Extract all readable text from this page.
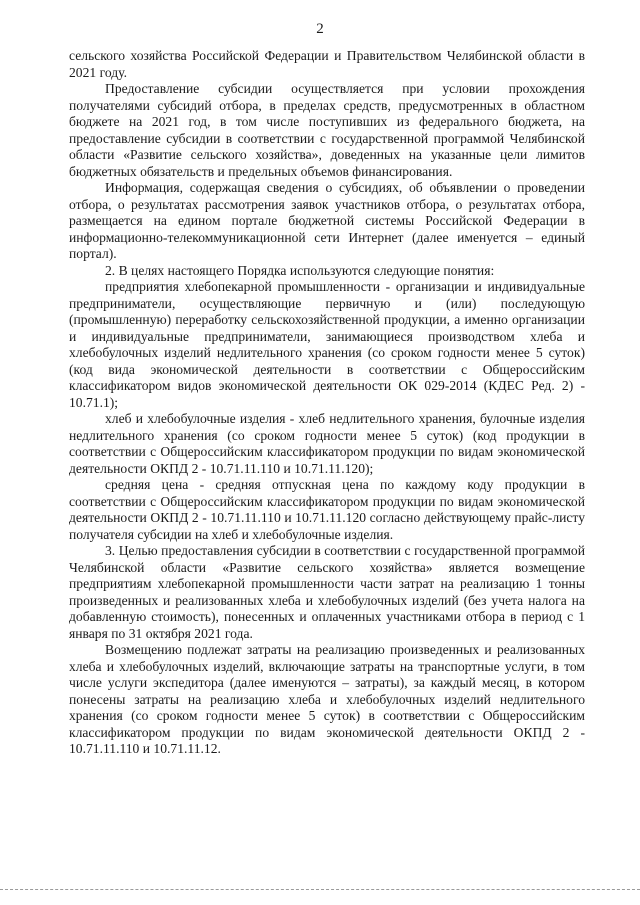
2

сельского хозяйства Российской Федерации и Правительством Челябинской области в 2021 году.

Предоставление субсидии осуществляется при условии прохождения получателями субсидий отбора, в пределах средств, предусмотренных в областном бюджете на 2021 год, в том числе поступивших из федерального бюджета, на предоставление субсидии в соответствии с государственной программой Челябинской области «Развитие сельского хозяйства», доведенных на указанные цели лимитов бюджетных обязательств и предельных объемов финансирования.

Информация, содержащая сведения о субсидиях, об объявлении о проведении отбора, о результатах рассмотрения заявок участников отбора, о результатах отбора, размещается на едином портале бюджетной системы Российской Федерации в информационно-телекоммуникационной сети Интернет (далее именуется – единый портал).

2. В целях настоящего Порядка используются следующие понятия:

предприятия хлебопекарной промышленности - организации и индивидуальные предприниматели, осуществляющие первичную и (или) последующую (промышленную) переработку сельскохозяйственной продукции, а именно организации и индивидуальные предприниматели, занимающиеся производством хлеба и хлебобулочных изделий недлительного хранения (со сроком годности менее 5 суток) (код вида экономической деятельности в соответствии с Общероссийским классификатором видов экономической деятельности ОК 029-2014 (КДЕС Ред. 2) - 10.71.1);

хлеб и хлебобулочные изделия - хлеб недлительного хранения, булочные изделия недлительного хранения (со сроком годности менее 5 суток) (код продукции в соответствии с Общероссийским классификатором продукции по видам экономической деятельности ОКПД 2 - 10.71.11.110 и 10.71.11.120);

средняя цена - средняя отпускная цена по каждому коду продукции в соответствии с Общероссийским классификатором продукции по видам экономической деятельности ОКПД 2 - 10.71.11.110 и 10.71.11.120 согласно действующему прайс-листу получателя субсидии на хлеб и хлебобулочные изделия.

3. Целью предоставления субсидии в соответствии с государственной программой Челябинской области «Развитие сельского хозяйства» является возмещение предприятиям хлебопекарной промышленности части затрат на реализацию 1 тонны произведенных и реализованных хлеба и хлебобулочных изделий (без учета налога на добавленную стоимость), понесенных и оплаченных участниками отбора в период с 1 января по 31 октября 2021 года.

Возмещению подлежат затраты на реализацию произведенных и реализованных хлеба и хлебобулочных изделий, включающие затраты на транспортные услуги, в том числе услуги экспедитора (далее именуются – затраты), за каждый месяц, в котором понесены затраты на реализацию хлеба и хлебобулочных изделий недлительного хранения (со сроком годности менее 5 суток) в соответствии с Общероссийским классификатором продукции по видам экономической деятельности ОКПД 2 - 10.71.11.110 и 10.71.11.12.
